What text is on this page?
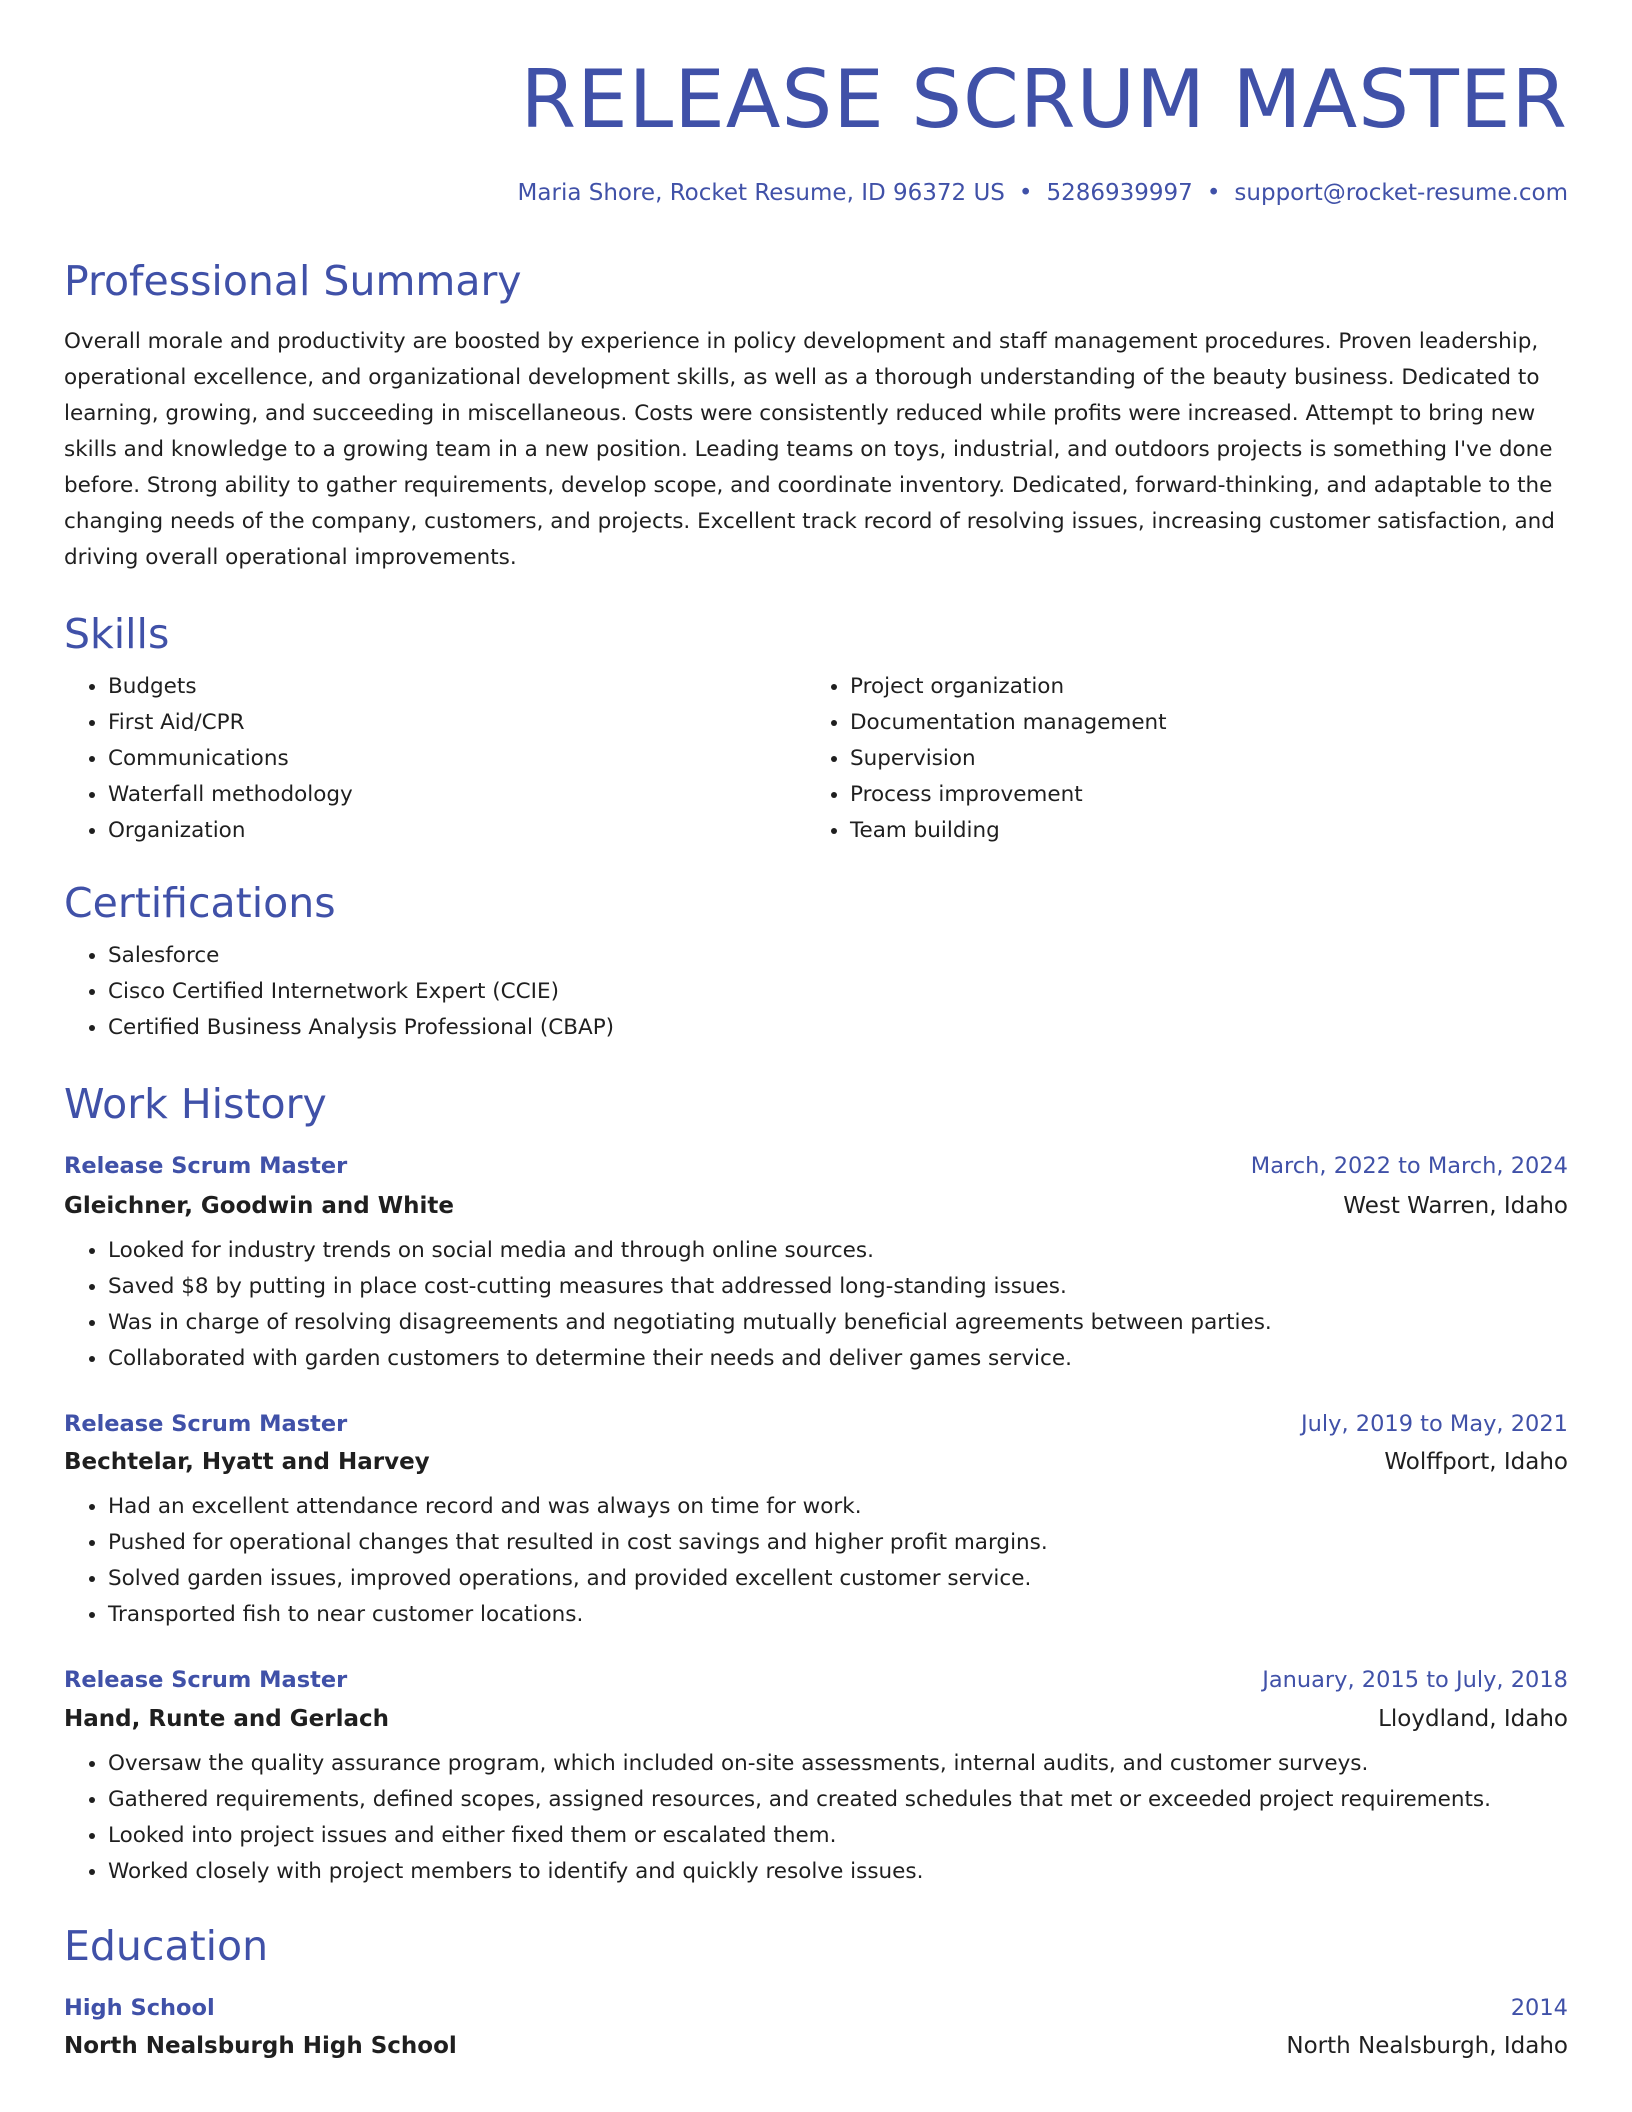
RELEASE SCRUM MASTER
Maria Shore, Rocket Resume, ID 96372 US • 5286939997 • support@rocket-resume.com
Professional Summary

Overall morale and productivity are boosted by experience in policy development and staff management procedures. Proven leadership, operational excellence, and organizational development skills, as well as a thorough understanding of the beauty business. Dedicated to learning, growing, and succeeding in miscellaneous. Costs were consistently reduced while profits were increased. Attempt to bring new skills and knowledge to a growing team in a new position. Leading teams on toys, industrial, and outdoors projects is something I've done before. Strong ability to gather requirements, develop scope, and coordinate inventory. Dedicated, forward-thinking, and adaptable to the changing needs of the company, customers, and projects. Excellent track record of resolving issues, increasing customer satisfaction, and driving overall operational improvements.

Skills
• Budgets
• First Aid/CPR
• Communications
• Waterfall methodology
• Organization
• Project organization
• Documentation management
• Supervision
• Process improvement
• Team building
Certifications
• Salesforce
• Cisco Certified Internetwork Expert (CCIE)
• Certified Business Analysis Professional (CBAP)
Work History
Release Scrum Master	March, 2022 to March, 2024
Gleichner, Goodwin and White	West Warren, Idaho
• Looked for industry trends on social media and through online sources.
• Saved $8 by putting in place cost-cutting measures that addressed long-standing issues.
• Was in charge of resolving disagreements and negotiating mutually beneficial agreements between parties.
• Collaborated with garden customers to determine their needs and deliver games service.
Release Scrum Master	July, 2019 to May, 2021
Bechtelar, Hyatt and Harvey	Wolffport, Idaho
• Had an excellent attendance record and was always on time for work.
• Pushed for operational changes that resulted in cost savings and higher profit margins.
• Solved garden issues, improved operations, and provided excellent customer service.
• Transported fish to near customer locations.
Release Scrum Master	January, 2015 to July, 2018
Hand, Runte and Gerlach	Lloydland, Idaho
• Oversaw the quality assurance program, which included on-site assessments, internal audits, and customer surveys.
• Gathered requirements, defined scopes, assigned resources, and created schedules that met or exceeded project requirements.
• Looked into project issues and either fixed them or escalated them.
• Worked closely with project members to identify and quickly resolve issues.
Education
High School	2014
North Nealsburgh High School	North Nealsburgh, Idaho
